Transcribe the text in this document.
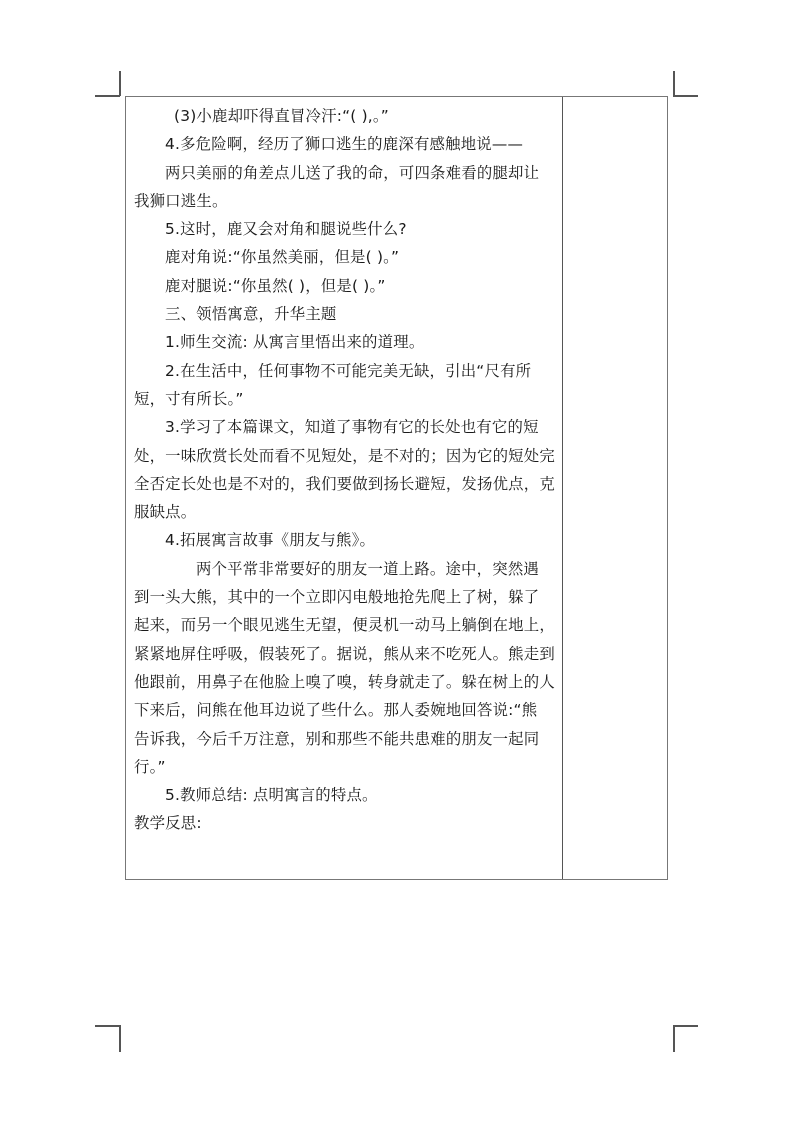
(3)小鹿却吓得直冒冷汗:“( ),。”
4.多危险啊，经历了狮口逃生的鹿深有感触地说——
两只美丽的角差点儿送了我的命，可四条难看的腿却让
我狮口逃生。
5.这时，鹿又会对角和腿说些什么?
鹿对角说:“你虽然美丽，但是( )。”
鹿对腿说:“你虽然( )，但是( )。”
三、领悟寓意，升华主题
1.师生交流: 从寓言里悟出来的道理。
2.在生活中，任何事物不可能完美无缺，引出“尺有所
短，寸有所长。”
3.学习了本篇课文，知道了事物有它的长处也有它的短
处，一味欣赏长处而看不见短处，是不对的；因为它的短处完
全否定长处也是不对的，我们要做到扬长避短，发扬优点，克
服缺点。
4.拓展寓言故事《朋友与熊》。
两个平常非常要好的朋友一道上路。途中，突然遇
到一头大熊，其中的一个立即闪电般地抢先爬上了树，躲了
起来，而另一个眼见逃生无望，便灵机一动马上躺倒在地上，
紧紧地屏住呼吸，假装死了。据说，熊从来不吃死人。熊走到
他跟前，用鼻子在他脸上嗅了嗅，转身就走了。躲在树上的人
下来后，问熊在他耳边说了些什么。那人委婉地回答说:“熊
告诉我，今后千万注意，别和那些不能共患难的朋友一起同
行。”
5.教师总结: 点明寓言的特点。
教学反思:
